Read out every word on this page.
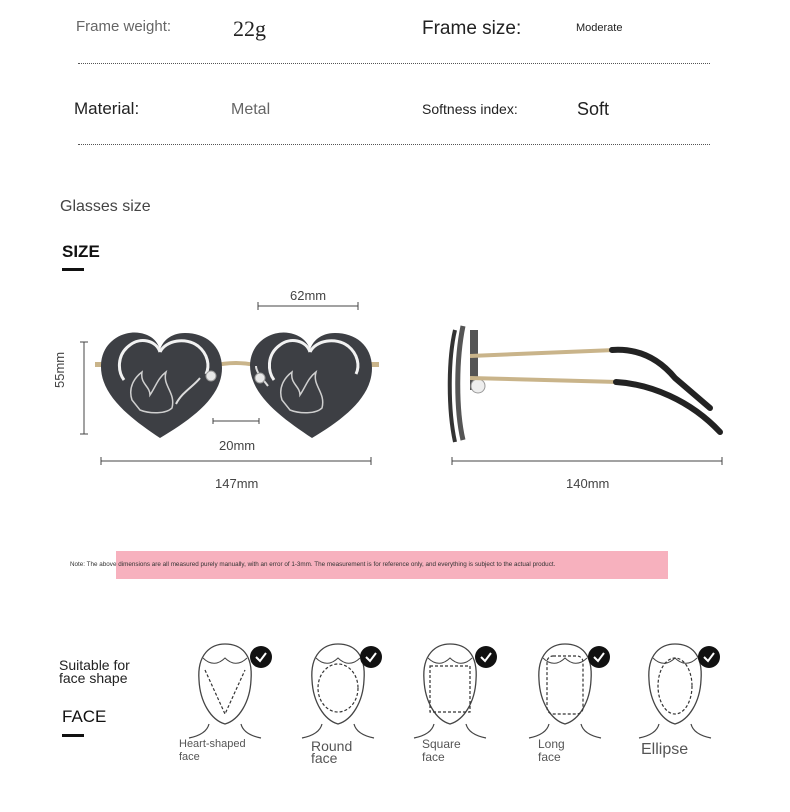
Frame weight:	22g	Frame size:	Moderate
Material:	Metal	Softness index:	Soft
Glasses size
SIZE
62mm
55mm
20mm
147mm	140mm
Note: The above dimensions are all measured purely manually, with an error of 1-3mm. The measurement is for reference only, and everything is subject to the actual product.
Suitable for
face shape
FACE
Heart-shaped
face
Round
face
Square
face
Long
face	Ellipse
